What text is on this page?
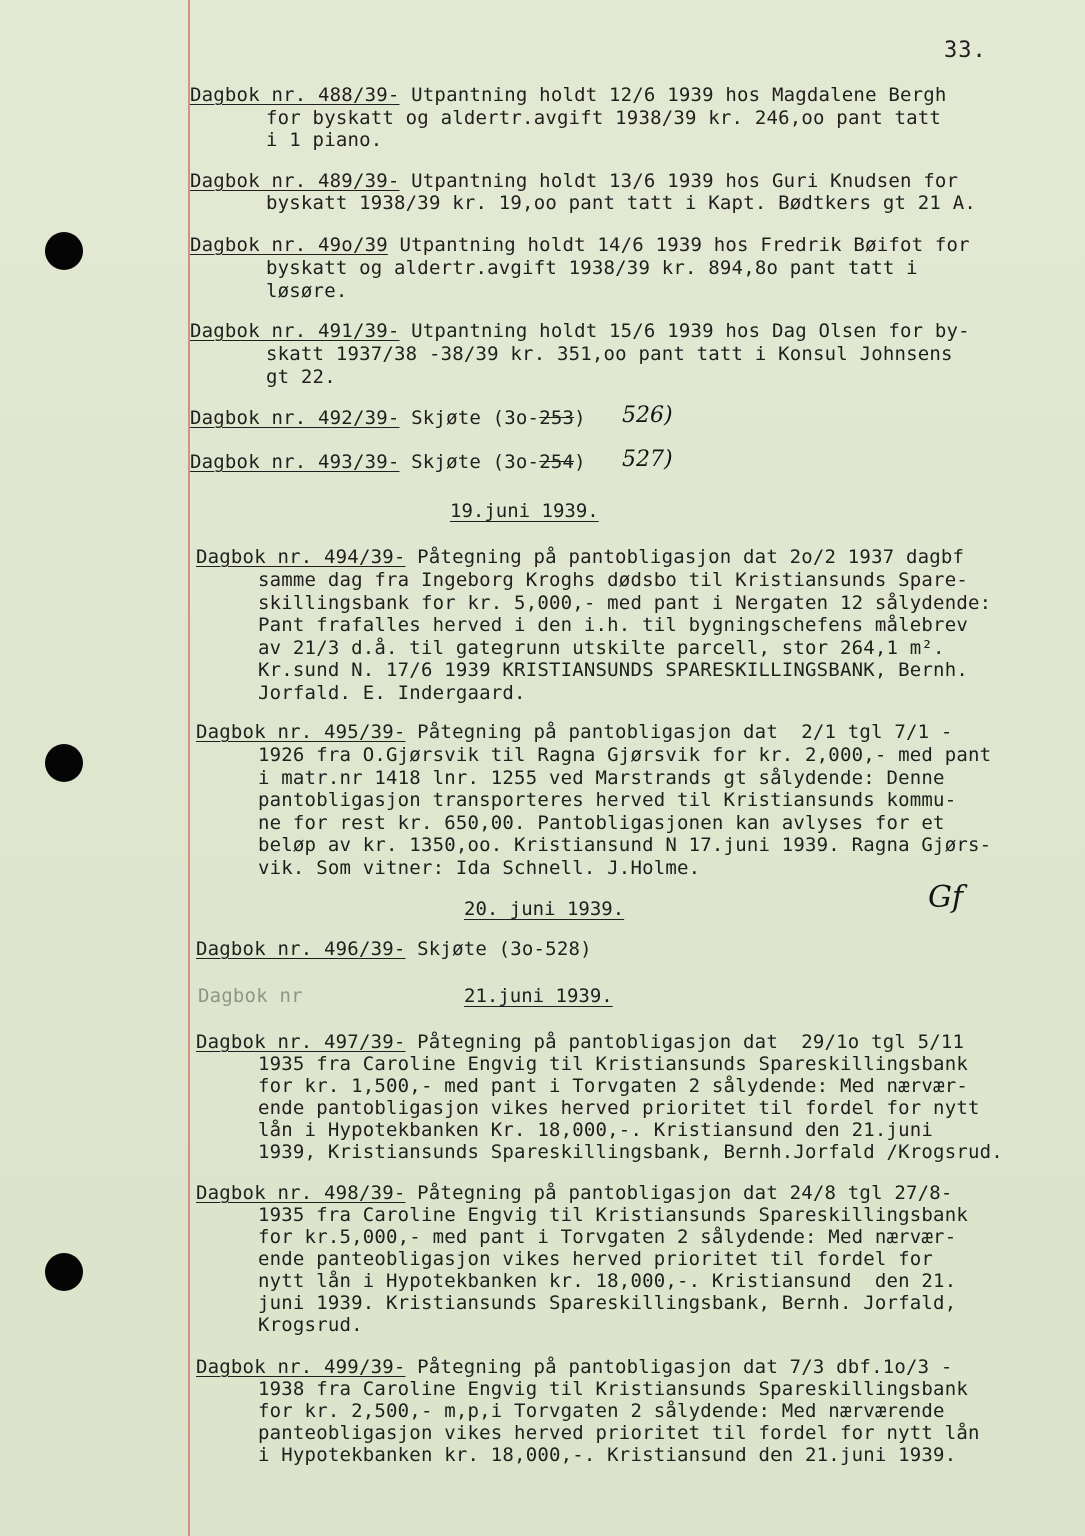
33.
Dagbok nr. 488/39- Utpantning holdt 12/6 1939 hos Magdalene Bergh
for byskatt og aldertr.avgift 1938/39 kr. 246,oo pant tatt
i 1 piano.
Dagbok nr. 489/39- Utpantning holdt 13/6 1939 hos Guri Knudsen for
byskatt 1938/39 kr. 19,oo pant tatt i Kapt. Bødtkers gt 21 A.
Dagbok nr. 49o/39 Utpantning holdt 14/6 1939 hos Fredrik Bøifot for
byskatt og aldertr.avgift 1938/39 kr. 894,8o pant tatt i
løsøre.
Dagbok nr. 491/39- Utpantning holdt 15/6 1939 hos Dag Olsen for by-
skatt 1937/38 -38/39 kr. 351,oo pant tatt i Konsul Johnsens
gt 22.
Dagbok nr. 492/39- Skjøte (3o-253) 526)
Dagbok nr. 493/39- Skjøte (3o-254) 527)
19.juni 1939.
Dagbok nr. 494/39- Påtegning på pantobligasjon dat 2o/2 1937 dagbf
samme dag fra Ingeborg Kroghs dødsbo til Kristiansunds Spare-
skillingsbank for kr. 5,000,- med pant i Nergaten 12 sålydende:
Pant frafalles herved i den i.h. til bygningschefens målebrev
av 21/3 d.å. til gategrunn utskilte parcell, stor 264,1 m².
Kr.sund N. 17/6 1939 KRISTIANSUNDS SPARESKILLINGSBANK, Bernh.
Jorfald. E. Indergaard.
Dagbok nr. 495/39- Påtegning på pantobligasjon dat  2/1 tgl 7/1 -
1926 fra O.Gjørsvik til Ragna Gjørsvik for kr. 2,000,- med pant
i matr.nr 1418 lnr. 1255 ved Marstrands gt sålydende: Denne
pantobligasjon transporteres herved til Kristiansunds kommu-
ne for rest kr. 650,00. Pantobligasjonen kan avlyses for et
beløp av kr. 1350,oo. Kristiansund N 17.juni 1939. Ragna Gjørs-
vik. Som vitner: Ida Schnell. J.Holme.
20. juni 1939.	Gf
Dagbok nr. 496/39- Skjøte (3o-528)
Dagbok nr	21.juni 1939.
Dagbok nr. 497/39- Påtegning på pantobligasjon dat  29/1o tgl 5/11
1935 fra Caroline Engvig til Kristiansunds Spareskillingsbank
for kr. 1,500,- med pant i Torvgaten 2 sålydende: Med nærvær-
ende pantobligasjon vikes herved prioritet til fordel for nytt
lån i Hypotekbanken Kr. 18,000,-. Kristiansund den 21.juni
1939, Kristiansunds Spareskillingsbank, Bernh.Jorfald /Krogsrud.
Dagbok nr. 498/39- Påtegning på pantobligasjon dat 24/8 tgl 27/8-
1935 fra Caroline Engvig til Kristiansunds Spareskillingsbank
for kr.5,000,- med pant i Torvgaten 2 sålydende: Med nærvær-
ende panteobligasjon vikes herved prioritet til fordel for
nytt lån i Hypotekbanken kr. 18,000,-. Kristiansund  den 21.
juni 1939. Kristiansunds Spareskillingsbank, Bernh. Jorfald,
Krogsrud.
Dagbok nr. 499/39- Påtegning på pantobligasjon dat 7/3 dbf.1o/3 -
1938 fra Caroline Engvig til Kristiansunds Spareskillingsbank
for kr. 2,500,- m,p,i Torvgaten 2 sålydende: Med nærværende
panteobligasjon vikes herved prioritet til fordel for nytt lån
i Hypotekbanken kr. 18,000,-. Kristiansund den 21.juni 1939.
